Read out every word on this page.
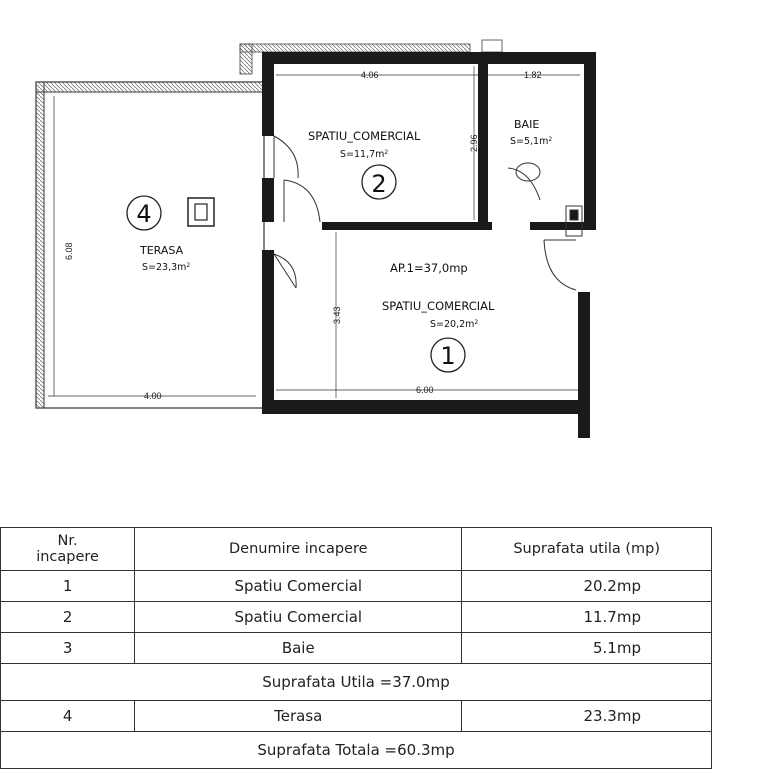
4.06	1.82
2.96
3.43
6.00
4.00
6.08
SPATIU_COMERCIAL
$S=11,7m^2$
2
BAIE
$S=5,1m^2$
AP.1=37,0mp
SPATIU_COMERCIAL
$S=20,2m^2$
1
4
TERASA
$S=23,3m^2$
Nr.
incapere	Denumire incapere	Suprafata utila (mp)
1	Spatiu Comercial	20.2mp
2	Spatiu Comercial	11.7mp
3	Baie	5.1mp
Suprafata Utila =37.0mp		
4	Terasa	23.3mp
Suprafata Totala =60.3mp		
